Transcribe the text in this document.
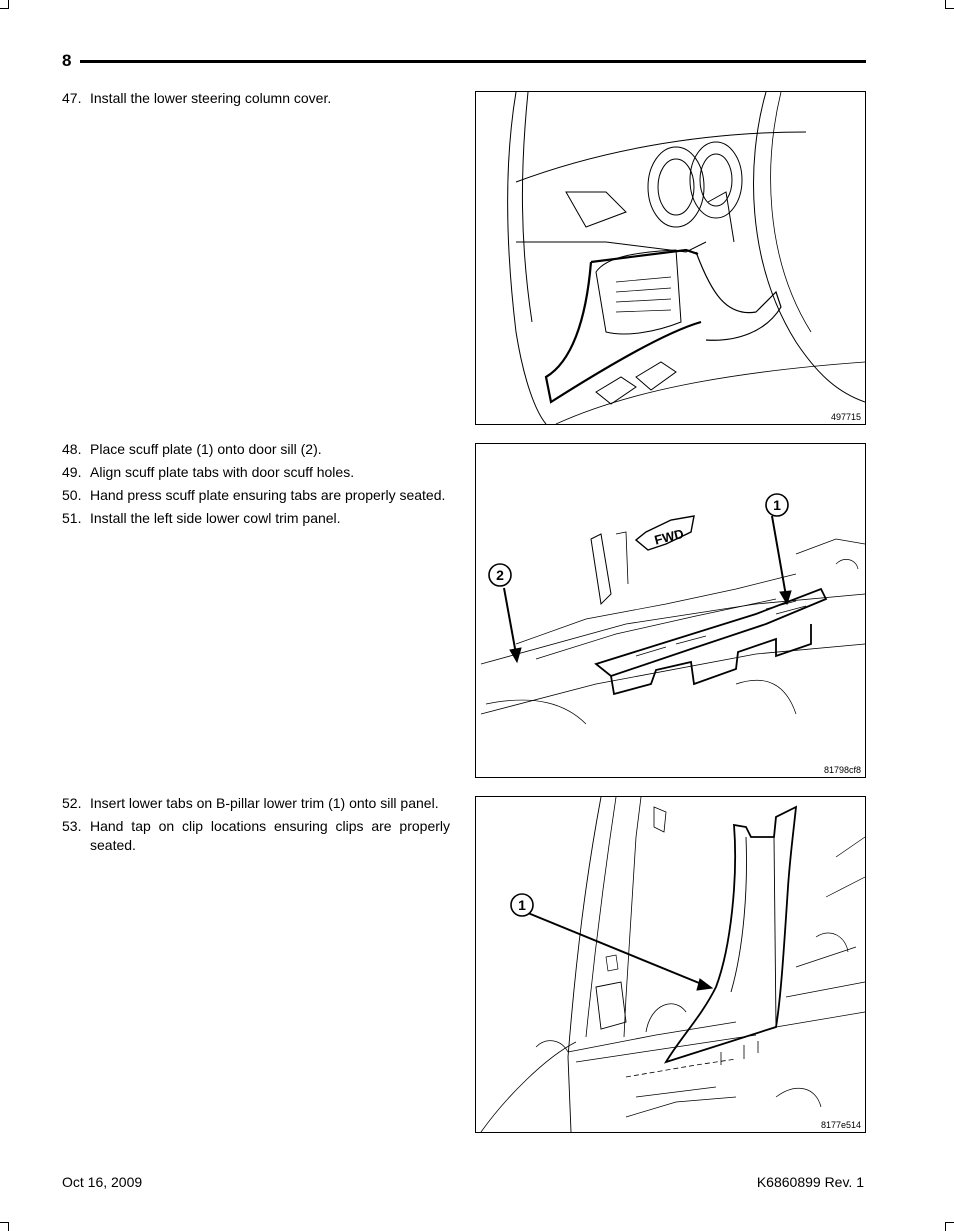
8
47. Install the lower steering column cover.
48. Place scuff plate (1) onto door sill (2).
49. Align scuff plate tabs with door scuff holes.
50. Hand press scuff plate ensuring tabs are properly seated.
51. Install the left side lower cowl trim panel.
52. Insert lower tabs on B-pillar lower trim (1) onto sill panel.
53. Hand tap on clip locations ensuring clips are properly seated.
497715
FWD
1
2
81798cf8
1
8177e514
Oct 16, 2009	K6860899 Rev. 1
